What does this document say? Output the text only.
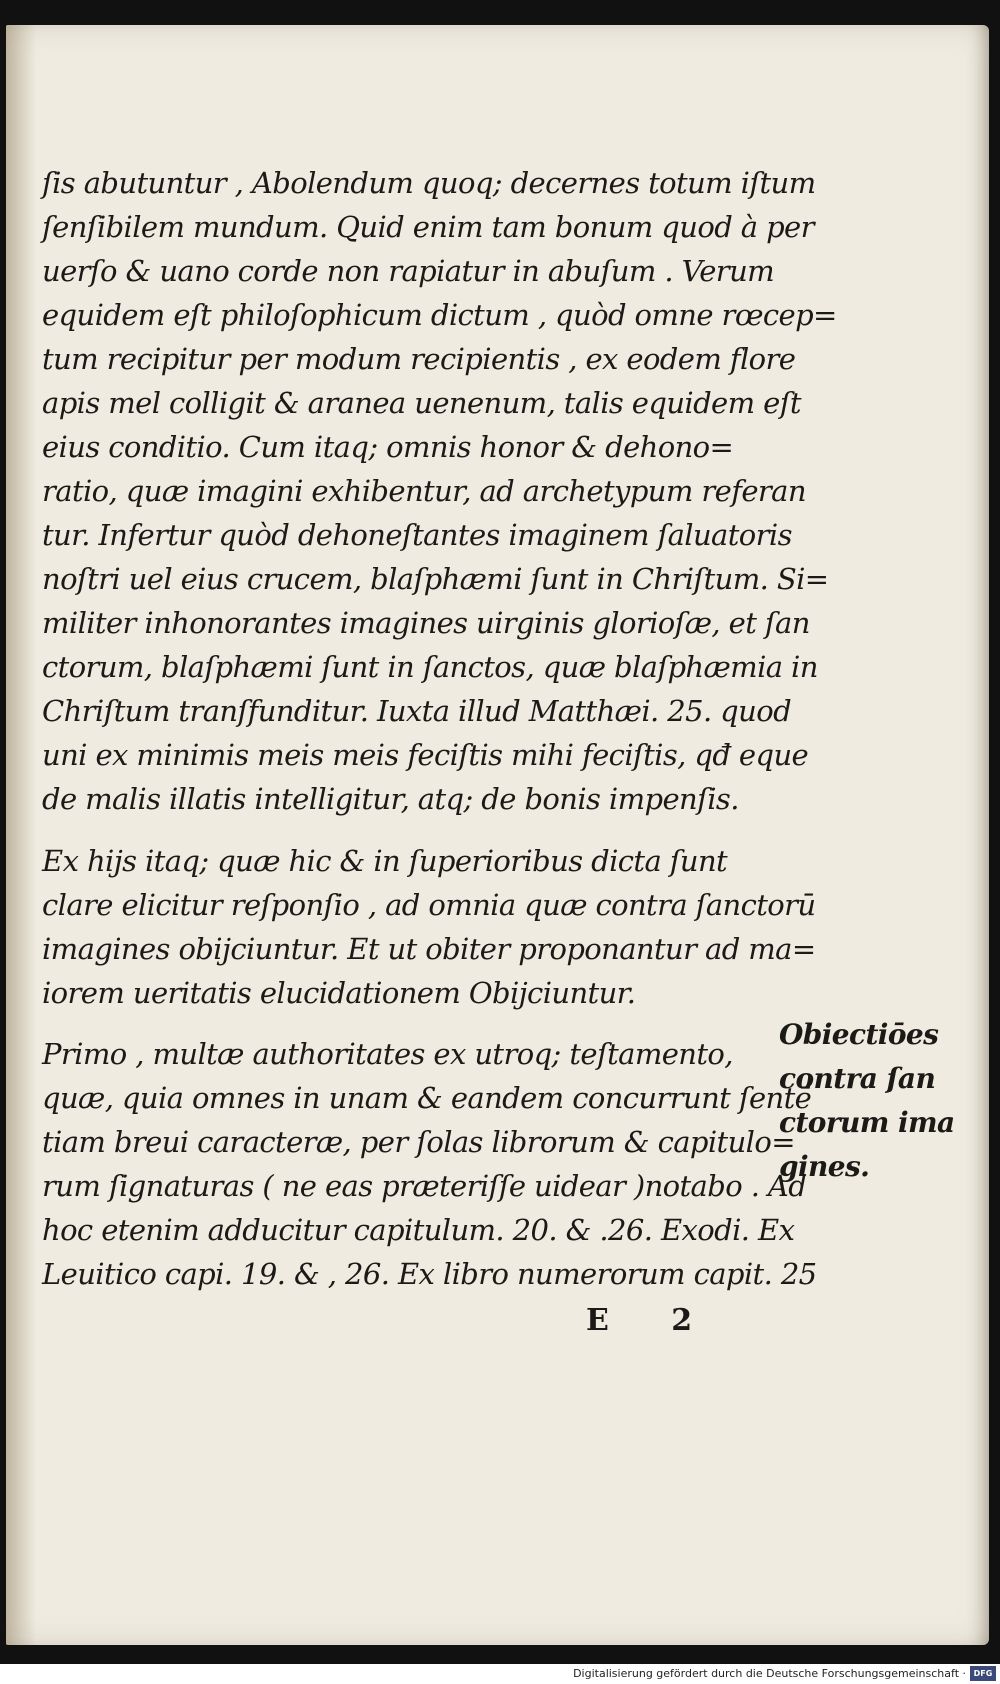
ſis abutuntur , Abolendum quoq; decernes totum iſtum

ſenſibilem mundum. Quid enim tam bonum quod à per

uerſo & uano corde non rapiatur in abuſum . Verum

equidem eſt philoſophicum dictum , quòd omne rœcep=

tum recipitur per modum recipientis , ex eodem flore

apis mel colligit & aranea uenenum, talis equidem eſt

eius conditio. Cum itaq; omnis honor & dehono=

ratio, quæ imagini exhibentur, ad archetypum referan

tur. Infertur quòd dehoneſtantes imaginem ſaluatoris

noſtri uel eius crucem, blaſphæmi ſunt in Chriſtum. Si=

militer inhonorantes imagines uirginis glorioſæ, et ſan

ctorum, blaſphæmi ſunt in ſanctos, quæ blaſphæmia in

Chriſtum tranſfunditur. Iuxta illud Matthæi. 25. quod

uni ex minimis meis meis feciſtis mihi feciſtis, qđ eque

de malis illatis intelligitur, atq; de bonis impenſis.

Ex hijs itaq; quæ hic & in ſuperioribus dicta ſunt

clare elicitur reſponſio , ad omnia quæ contra ſanctorū

imagines obijciuntur. Et ut obiter proponantur ad ma=

iorem ueritatis elucidationem Obijciuntur.

Primo , multæ authoritates ex utroq; teſtamento,

quæ, quia omnes in unam & eandem concurrunt ſentē

tiam breui caracteræ, per ſolas librorum & capitulo=

rum ſignaturas ( ne eas præteriſſe uidear )notabo . Ad

hoc etenim adducitur capitulum. 20. & .26. Exodi. Ex

Leuitico capi. 19. & , 26. Ex libro numerorum capit. 25

Obiectiōes

contra ſan

ctorum ima

gines.

E 2

Digitalisierung gefördert durch die Deutsche Forschungsgemeinschaft · DFG
